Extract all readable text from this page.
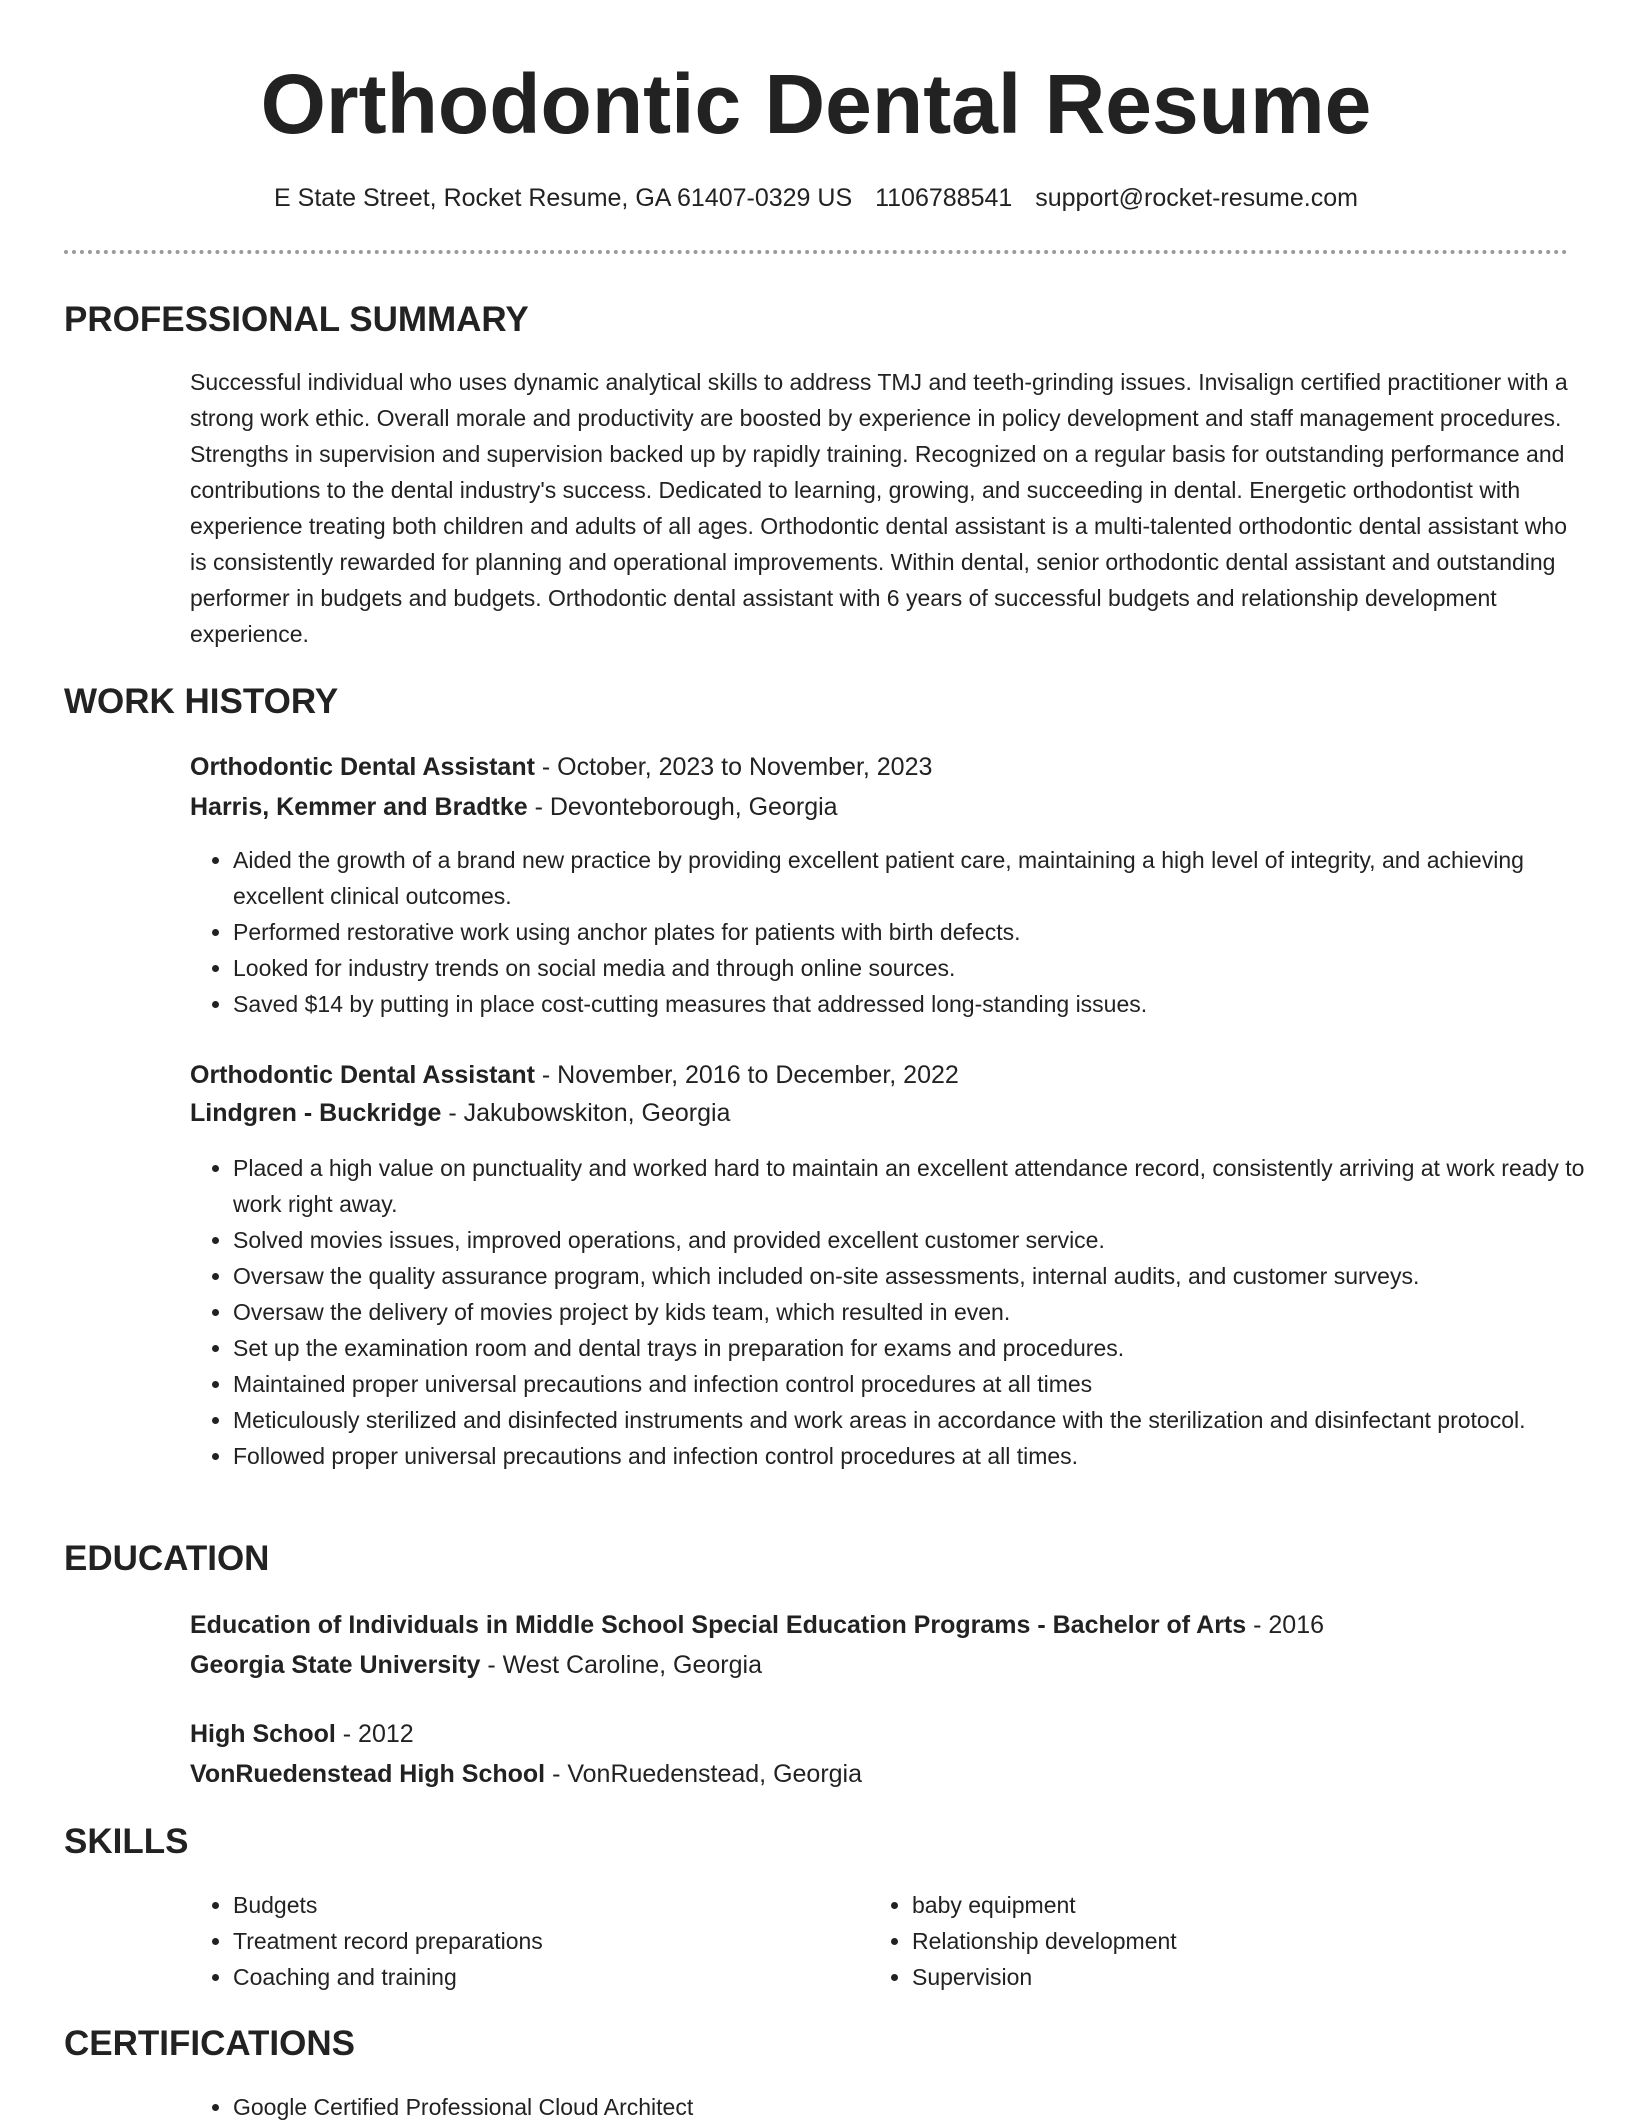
Orthodontic Dental Resume
E State Street, Rocket Resume, GA 61407-0329 US 1106788541 support@rocket-resume.com
PROFESSIONAL SUMMARY
Successful individual who uses dynamic analytical skills to address TMJ and teeth-grinding issues. Invisalign certified practitioner with a strong work ethic. Overall morale and productivity are boosted by experience in policy development and staff management procedures. Strengths in supervision and supervision backed up by rapidly training. Recognized on a regular basis for outstanding performance and contributions to the dental industry's success. Dedicated to learning, growing, and succeeding in dental. Energetic orthodontist with experience treating both children and adults of all ages. Orthodontic dental assistant is a multi-talented orthodontic dental assistant who is consistently rewarded for planning and operational improvements. Within dental, senior orthodontic dental assistant and outstanding performer in budgets and budgets. Orthodontic dental assistant with 6 years of successful budgets and relationship development experience.
WORK HISTORY
Orthodontic Dental Assistant - October, 2023 to November, 2023
Harris, Kemmer and Bradtke - Devonteborough, Georgia
• Aided the growth of a brand new practice by providing excellent patient care, maintaining a high level of integrity, and achieving excellent clinical outcomes.
• Performed restorative work using anchor plates for patients with birth defects.
• Looked for industry trends on social media and through online sources.
• Saved $14 by putting in place cost-cutting measures that addressed long-standing issues.
Orthodontic Dental Assistant - November, 2016 to December, 2022
Lindgren - Buckridge - Jakubowskiton, Georgia
• Placed a high value on punctuality and worked hard to maintain an excellent attendance record, consistently arriving at work ready to work right away.
• Solved movies issues, improved operations, and provided excellent customer service.
• Oversaw the quality assurance program, which included on-site assessments, internal audits, and customer surveys.
• Oversaw the delivery of movies project by kids team, which resulted in even.
• Set up the examination room and dental trays in preparation for exams and procedures.
• Maintained proper universal precautions and infection control procedures at all times
• Meticulously sterilized and disinfected instruments and work areas in accordance with the sterilization and disinfectant protocol.
• Followed proper universal precautions and infection control procedures at all times.
EDUCATION
Education of Individuals in Middle School Special Education Programs - Bachelor of Arts - 2016
Georgia State University - West Caroline, Georgia
High School - 2012
VonRuedenstead High School - VonRuedenstead, Georgia
SKILLS
• Budgets
• Treatment record preparations
• Coaching and training
• baby equipment
• Relationship development
• Supervision
CERTIFICATIONS
• Google Certified Professional Cloud Architect
